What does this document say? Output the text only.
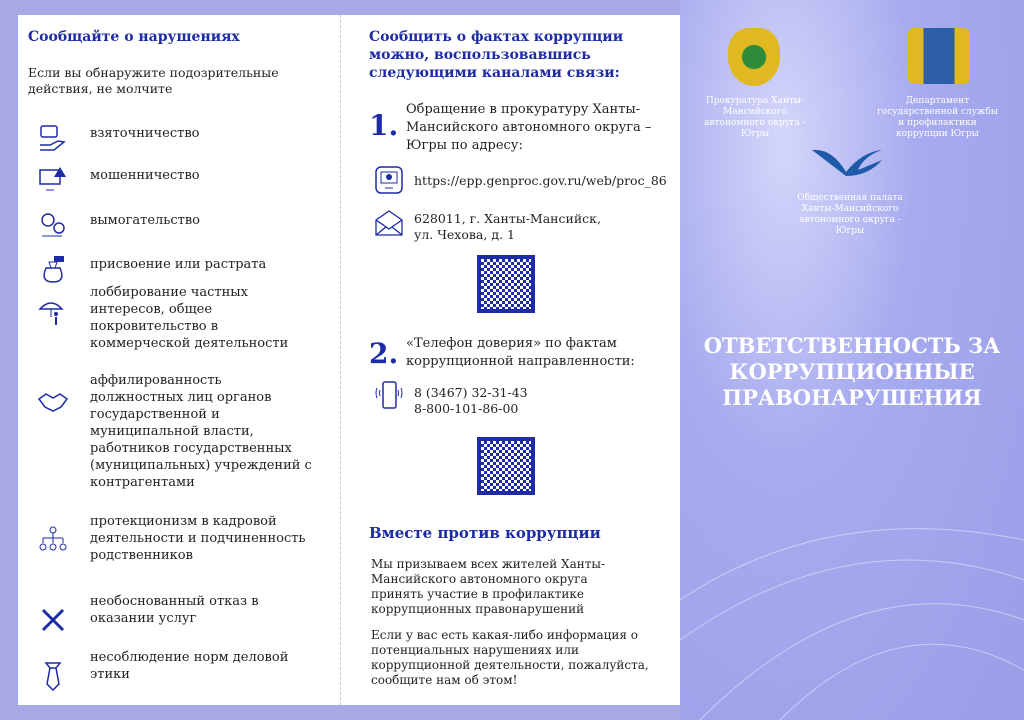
Сообщайте о нарушениях
Если вы обнаружите подозрительные действия, не молчите
взяточничество
мошенничество
вымогательство
присвоение или растрата
лоббирование частных интересов, общее покровительство в коммерческой деятельности
аффилированность должностных лиц органов государственной и муниципальной власти, работников государственных (муниципальных) учреждений с контрагентами
протекционизм в кадровой деятельности и подчиненность родственников
необоснованный отказ в оказании услуг
несоблюдение норм деловой этики
Сообщить о фактах коррупции можно, воспользовавшись следующими каналами связи:
1. Обращение в прокуратуру Ханты-Мансийского автономного округа – Югры по адресу:
https://epp.genproc.gov.ru/web/proc_86
628011, г. Ханты-Мансийск,
ул. Чехова, д. 1
2. «Телефон доверия» по фактам коррупционной направленности:
8 (3467) 32-31-43
8-800-101-86-00
Вместе против коррупции
Мы призываем всех жителей Ханты-Мансийского автономного округа принять участие в профилактике коррупционных правонарушений
Если у вас есть какая-либо информация о потенциальных нарушениях или коррупционной деятельности, пожалуйста, сообщите нам об этом!
Прокуратура Ханты-Мансийского автономного округа - Югры
Департамент государственной службы и профилактики коррупции Югры
Общественная палата Ханты-Мансийского автономного округа - Югры
ОТВЕТСТВЕННОСТЬ ЗА КОРРУПЦИОННЫЕ ПРАВОНАРУШЕНИЯ
